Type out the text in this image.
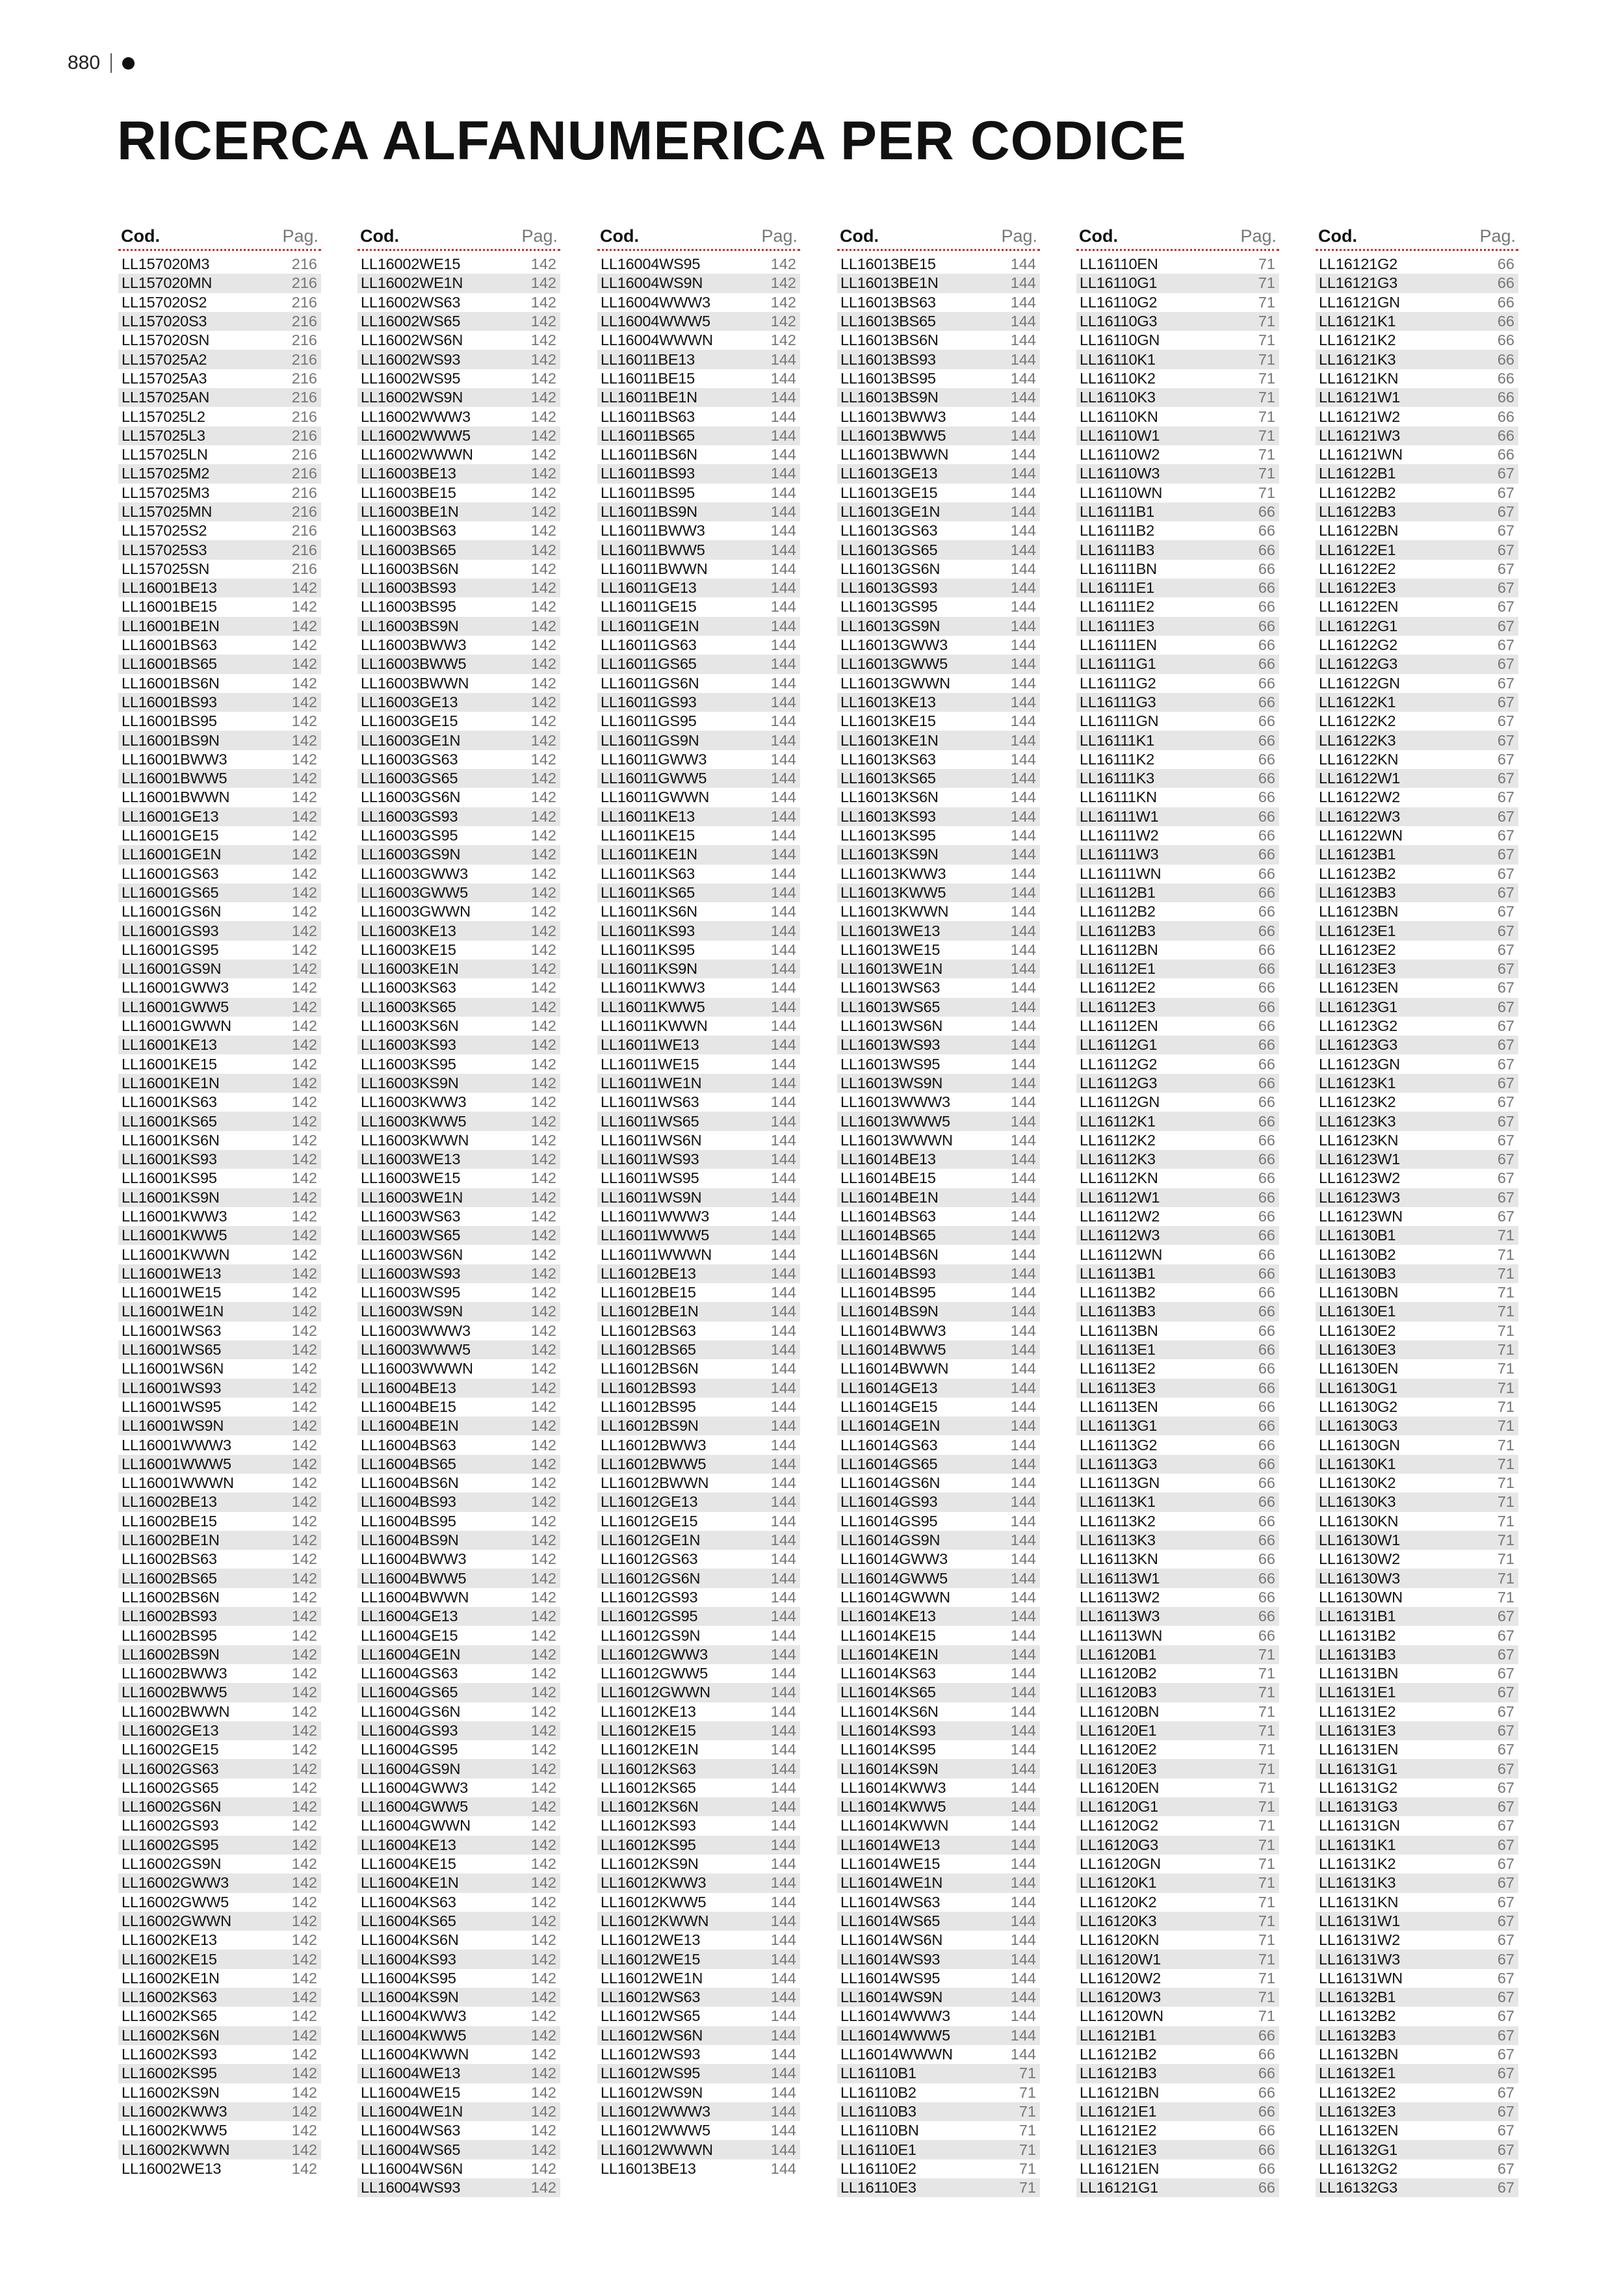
880
RICERCA ALFANUMERICA PER CODICE
Cod.	Pag.
LL157020M3	216
LL157020MN	216
LL157020S2	216
LL157020S3	216
LL157020SN	216
LL157025A2	216
LL157025A3	216
LL157025AN	216
LL157025L2	216
LL157025L3	216
LL157025LN	216
LL157025M2	216
LL157025M3	216
LL157025MN	216
LL157025S2	216
LL157025S3	216
LL157025SN	216
LL16001BE13	142
LL16001BE15	142
LL16001BE1N	142
LL16001BS63	142
LL16001BS65	142
LL16001BS6N	142
LL16001BS93	142
LL16001BS95	142
LL16001BS9N	142
LL16001BWW3	142
LL16001BWW5	142
LL16001BWWN	142
LL16001GE13	142
LL16001GE15	142
LL16001GE1N	142
LL16001GS63	142
LL16001GS65	142
LL16001GS6N	142
LL16001GS93	142
LL16001GS95	142
LL16001GS9N	142
LL16001GWW3	142
LL16001GWW5	142
LL16001GWWN	142
LL16001KE13	142
LL16001KE15	142
LL16001KE1N	142
LL16001KS63	142
LL16001KS65	142
LL16001KS6N	142
LL16001KS93	142
LL16001KS95	142
LL16001KS9N	142
LL16001KWW3	142
LL16001KWW5	142
LL16001KWWN	142
LL16001WE13	142
LL16001WE15	142
LL16001WE1N	142
LL16001WS63	142
LL16001WS65	142
LL16001WS6N	142
LL16001WS93	142
LL16001WS95	142
LL16001WS9N	142
LL16001WWW3	142
LL16001WWW5	142
LL16001WWWN	142
LL16002BE13	142
LL16002BE15	142
LL16002BE1N	142
LL16002BS63	142
LL16002BS65	142
LL16002BS6N	142
LL16002BS93	142
LL16002BS95	142
LL16002BS9N	142
LL16002BWW3	142
LL16002BWW5	142
LL16002BWWN	142
LL16002GE13	142
LL16002GE15	142
LL16002GS63	142
LL16002GS65	142
LL16002GS6N	142
LL16002GS93	142
LL16002GS95	142
LL16002GS9N	142
LL16002GWW3	142
LL16002GWW5	142
LL16002GWWN	142
LL16002KE13	142
LL16002KE15	142
LL16002KE1N	142
LL16002KS63	142
LL16002KS65	142
LL16002KS6N	142
LL16002KS93	142
LL16002KS95	142
LL16002KS9N	142
LL16002KWW3	142
LL16002KWW5	142
LL16002KWWN	142
LL16002WE13	142
Cod.	Pag.
LL16002WE15	142
LL16002WE1N	142
LL16002WS63	142
LL16002WS65	142
LL16002WS6N	142
LL16002WS93	142
LL16002WS95	142
LL16002WS9N	142
LL16002WWW3	142
LL16002WWW5	142
LL16002WWWN	142
LL16003BE13	142
LL16003BE15	142
LL16003BE1N	142
LL16003BS63	142
LL16003BS65	142
LL16003BS6N	142
LL16003BS93	142
LL16003BS95	142
LL16003BS9N	142
LL16003BWW3	142
LL16003BWW5	142
LL16003BWWN	142
LL16003GE13	142
LL16003GE15	142
LL16003GE1N	142
LL16003GS63	142
LL16003GS65	142
LL16003GS6N	142
LL16003GS93	142
LL16003GS95	142
LL16003GS9N	142
LL16003GWW3	142
LL16003GWW5	142
LL16003GWWN	142
LL16003KE13	142
LL16003KE15	142
LL16003KE1N	142
LL16003KS63	142
LL16003KS65	142
LL16003KS6N	142
LL16003KS93	142
LL16003KS95	142
LL16003KS9N	142
LL16003KWW3	142
LL16003KWW5	142
LL16003KWWN	142
LL16003WE13	142
LL16003WE15	142
LL16003WE1N	142
LL16003WS63	142
LL16003WS65	142
LL16003WS6N	142
LL16003WS93	142
LL16003WS95	142
LL16003WS9N	142
LL16003WWW3	142
LL16003WWW5	142
LL16003WWWN	142
LL16004BE13	142
LL16004BE15	142
LL16004BE1N	142
LL16004BS63	142
LL16004BS65	142
LL16004BS6N	142
LL16004BS93	142
LL16004BS95	142
LL16004BS9N	142
LL16004BWW3	142
LL16004BWW5	142
LL16004BWWN	142
LL16004GE13	142
LL16004GE15	142
LL16004GE1N	142
LL16004GS63	142
LL16004GS65	142
LL16004GS6N	142
LL16004GS93	142
LL16004GS95	142
LL16004GS9N	142
LL16004GWW3	142
LL16004GWW5	142
LL16004GWWN	142
LL16004KE13	142
LL16004KE15	142
LL16004KE1N	142
LL16004KS63	142
LL16004KS65	142
LL16004KS6N	142
LL16004KS93	142
LL16004KS95	142
LL16004KS9N	142
LL16004KWW3	142
LL16004KWW5	142
LL16004KWWN	142
LL16004WE13	142
LL16004WE15	142
LL16004WE1N	142
LL16004WS63	142
LL16004WS65	142
LL16004WS6N	142
LL16004WS93	142
Cod.	Pag.
LL16004WS95	142
LL16004WS9N	142
LL16004WWW3	142
LL16004WWW5	142
LL16004WWWN	142
LL16011BE13	144
LL16011BE15	144
LL16011BE1N	144
LL16011BS63	144
LL16011BS65	144
LL16011BS6N	144
LL16011BS93	144
LL16011BS95	144
LL16011BS9N	144
LL16011BWW3	144
LL16011BWW5	144
LL16011BWWN	144
LL16011GE13	144
LL16011GE15	144
LL16011GE1N	144
LL16011GS63	144
LL16011GS65	144
LL16011GS6N	144
LL16011GS93	144
LL16011GS95	144
LL16011GS9N	144
LL16011GWW3	144
LL16011GWW5	144
LL16011GWWN	144
LL16011KE13	144
LL16011KE15	144
LL16011KE1N	144
LL16011KS63	144
LL16011KS65	144
LL16011KS6N	144
LL16011KS93	144
LL16011KS95	144
LL16011KS9N	144
LL16011KWW3	144
LL16011KWW5	144
LL16011KWWN	144
LL16011WE13	144
LL16011WE15	144
LL16011WE1N	144
LL16011WS63	144
LL16011WS65	144
LL16011WS6N	144
LL16011WS93	144
LL16011WS95	144
LL16011WS9N	144
LL16011WWW3	144
LL16011WWW5	144
LL16011WWWN	144
LL16012BE13	144
LL16012BE15	144
LL16012BE1N	144
LL16012BS63	144
LL16012BS65	144
LL16012BS6N	144
LL16012BS93	144
LL16012BS95	144
LL16012BS9N	144
LL16012BWW3	144
LL16012BWW5	144
LL16012BWWN	144
LL16012GE13	144
LL16012GE15	144
LL16012GE1N	144
LL16012GS63	144
LL16012GS6N	144
LL16012GS93	144
LL16012GS95	144
LL16012GS9N	144
LL16012GWW3	144
LL16012GWW5	144
LL16012GWWN	144
LL16012KE13	144
LL16012KE15	144
LL16012KE1N	144
LL16012KS63	144
LL16012KS65	144
LL16012KS6N	144
LL16012KS93	144
LL16012KS95	144
LL16012KS9N	144
LL16012KWW3	144
LL16012KWW5	144
LL16012KWWN	144
LL16012WE13	144
LL16012WE15	144
LL16012WE1N	144
LL16012WS63	144
LL16012WS65	144
LL16012WS6N	144
LL16012WS93	144
LL16012WS95	144
LL16012WS9N	144
LL16012WWW3	144
LL16012WWW5	144
LL16012WWWN	144
LL16013BE13	144
Cod.	Pag.
LL16013BE15	144
LL16013BE1N	144
LL16013BS63	144
LL16013BS65	144
LL16013BS6N	144
LL16013BS93	144
LL16013BS95	144
LL16013BS9N	144
LL16013BWW3	144
LL16013BWW5	144
LL16013BWWN	144
LL16013GE13	144
LL16013GE15	144
LL16013GE1N	144
LL16013GS63	144
LL16013GS65	144
LL16013GS6N	144
LL16013GS93	144
LL16013GS95	144
LL16013GS9N	144
LL16013GWW3	144
LL16013GWW5	144
LL16013GWWN	144
LL16013KE13	144
LL16013KE15	144
LL16013KE1N	144
LL16013KS63	144
LL16013KS65	144
LL16013KS6N	144
LL16013KS93	144
LL16013KS95	144
LL16013KS9N	144
LL16013KWW3	144
LL16013KWW5	144
LL16013KWWN	144
LL16013WE13	144
LL16013WE15	144
LL16013WE1N	144
LL16013WS63	144
LL16013WS65	144
LL16013WS6N	144
LL16013WS93	144
LL16013WS95	144
LL16013WS9N	144
LL16013WWW3	144
LL16013WWW5	144
LL16013WWWN	144
LL16014BE13	144
LL16014BE15	144
LL16014BE1N	144
LL16014BS63	144
LL16014BS65	144
LL16014BS6N	144
LL16014BS93	144
LL16014BS95	144
LL16014BS9N	144
LL16014BWW3	144
LL16014BWW5	144
LL16014BWWN	144
LL16014GE13	144
LL16014GE15	144
LL16014GE1N	144
LL16014GS63	144
LL16014GS65	144
LL16014GS6N	144
LL16014GS93	144
LL16014GS95	144
LL16014GS9N	144
LL16014GWW3	144
LL16014GWW5	144
LL16014GWWN	144
LL16014KE13	144
LL16014KE15	144
LL16014KE1N	144
LL16014KS63	144
LL16014KS65	144
LL16014KS6N	144
LL16014KS93	144
LL16014KS95	144
LL16014KS9N	144
LL16014KWW3	144
LL16014KWW5	144
LL16014KWWN	144
LL16014WE13	144
LL16014WE15	144
LL16014WE1N	144
LL16014WS63	144
LL16014WS65	144
LL16014WS6N	144
LL16014WS93	144
LL16014WS95	144
LL16014WS9N	144
LL16014WWW3	144
LL16014WWW5	144
LL16014WWWN	144
LL16110B1	71
LL16110B2	71
LL16110B3	71
LL16110BN	71
LL16110E1	71
LL16110E2	71
LL16110E3	71
Cod.	Pag.
LL16110EN	71
LL16110G1	71
LL16110G2	71
LL16110G3	71
LL16110GN	71
LL16110K1	71
LL16110K2	71
LL16110K3	71
LL16110KN	71
LL16110W1	71
LL16110W2	71
LL16110W3	71
LL16110WN	71
LL16111B1	66
LL16111B2	66
LL16111B3	66
LL16111BN	66
LL16111E1	66
LL16111E2	66
LL16111E3	66
LL16111EN	66
LL16111G1	66
LL16111G2	66
LL16111G3	66
LL16111GN	66
LL16111K1	66
LL16111K2	66
LL16111K3	66
LL16111KN	66
LL16111W1	66
LL16111W2	66
LL16111W3	66
LL16111WN	66
LL16112B1	66
LL16112B2	66
LL16112B3	66
LL16112BN	66
LL16112E1	66
LL16112E2	66
LL16112E3	66
LL16112EN	66
LL16112G1	66
LL16112G2	66
LL16112G3	66
LL16112GN	66
LL16112K1	66
LL16112K2	66
LL16112K3	66
LL16112KN	66
LL16112W1	66
LL16112W2	66
LL16112W3	66
LL16112WN	66
LL16113B1	66
LL16113B2	66
LL16113B3	66
LL16113BN	66
LL16113E1	66
LL16113E2	66
LL16113E3	66
LL16113EN	66
LL16113G1	66
LL16113G2	66
LL16113G3	66
LL16113GN	66
LL16113K1	66
LL16113K2	66
LL16113K3	66
LL16113KN	66
LL16113W1	66
LL16113W2	66
LL16113W3	66
LL16113WN	66
LL16120B1	71
LL16120B2	71
LL16120B3	71
LL16120BN	71
LL16120E1	71
LL16120E2	71
LL16120E3	71
LL16120EN	71
LL16120G1	71
LL16120G2	71
LL16120G3	71
LL16120GN	71
LL16120K1	71
LL16120K2	71
LL16120K3	71
LL16120KN	71
LL16120W1	71
LL16120W2	71
LL16120W3	71
LL16120WN	71
LL16121B1	66
LL16121B2	66
LL16121B3	66
LL16121BN	66
LL16121E1	66
LL16121E2	66
LL16121E3	66
LL16121EN	66
LL16121G1	66
Cod.	Pag.
LL16121G2	66
LL16121G3	66
LL16121GN	66
LL16121K1	66
LL16121K2	66
LL16121K3	66
LL16121KN	66
LL16121W1	66
LL16121W2	66
LL16121W3	66
LL16121WN	66
LL16122B1	67
LL16122B2	67
LL16122B3	67
LL16122BN	67
LL16122E1	67
LL16122E2	67
LL16122E3	67
LL16122EN	67
LL16122G1	67
LL16122G2	67
LL16122G3	67
LL16122GN	67
LL16122K1	67
LL16122K2	67
LL16122K3	67
LL16122KN	67
LL16122W1	67
LL16122W2	67
LL16122W3	67
LL16122WN	67
LL16123B1	67
LL16123B2	67
LL16123B3	67
LL16123BN	67
LL16123E1	67
LL16123E2	67
LL16123E3	67
LL16123EN	67
LL16123G1	67
LL16123G2	67
LL16123G3	67
LL16123GN	67
LL16123K1	67
LL16123K2	67
LL16123K3	67
LL16123KN	67
LL16123W1	67
LL16123W2	67
LL16123W3	67
LL16123WN	67
LL16130B1	71
LL16130B2	71
LL16130B3	71
LL16130BN	71
LL16130E1	71
LL16130E2	71
LL16130E3	71
LL16130EN	71
LL16130G1	71
LL16130G2	71
LL16130G3	71
LL16130GN	71
LL16130K1	71
LL16130K2	71
LL16130K3	71
LL16130KN	71
LL16130W1	71
LL16130W2	71
LL16130W3	71
LL16130WN	71
LL16131B1	67
LL16131B2	67
LL16131B3	67
LL16131BN	67
LL16131E1	67
LL16131E2	67
LL16131E3	67
LL16131EN	67
LL16131G1	67
LL16131G2	67
LL16131G3	67
LL16131GN	67
LL16131K1	67
LL16131K2	67
LL16131K3	67
LL16131KN	67
LL16131W1	67
LL16131W2	67
LL16131W3	67
LL16131WN	67
LL16132B1	67
LL16132B2	67
LL16132B3	67
LL16132BN	67
LL16132E1	67
LL16132E2	67
LL16132E3	67
LL16132EN	67
LL16132G1	67
LL16132G2	67
LL16132G3	67
